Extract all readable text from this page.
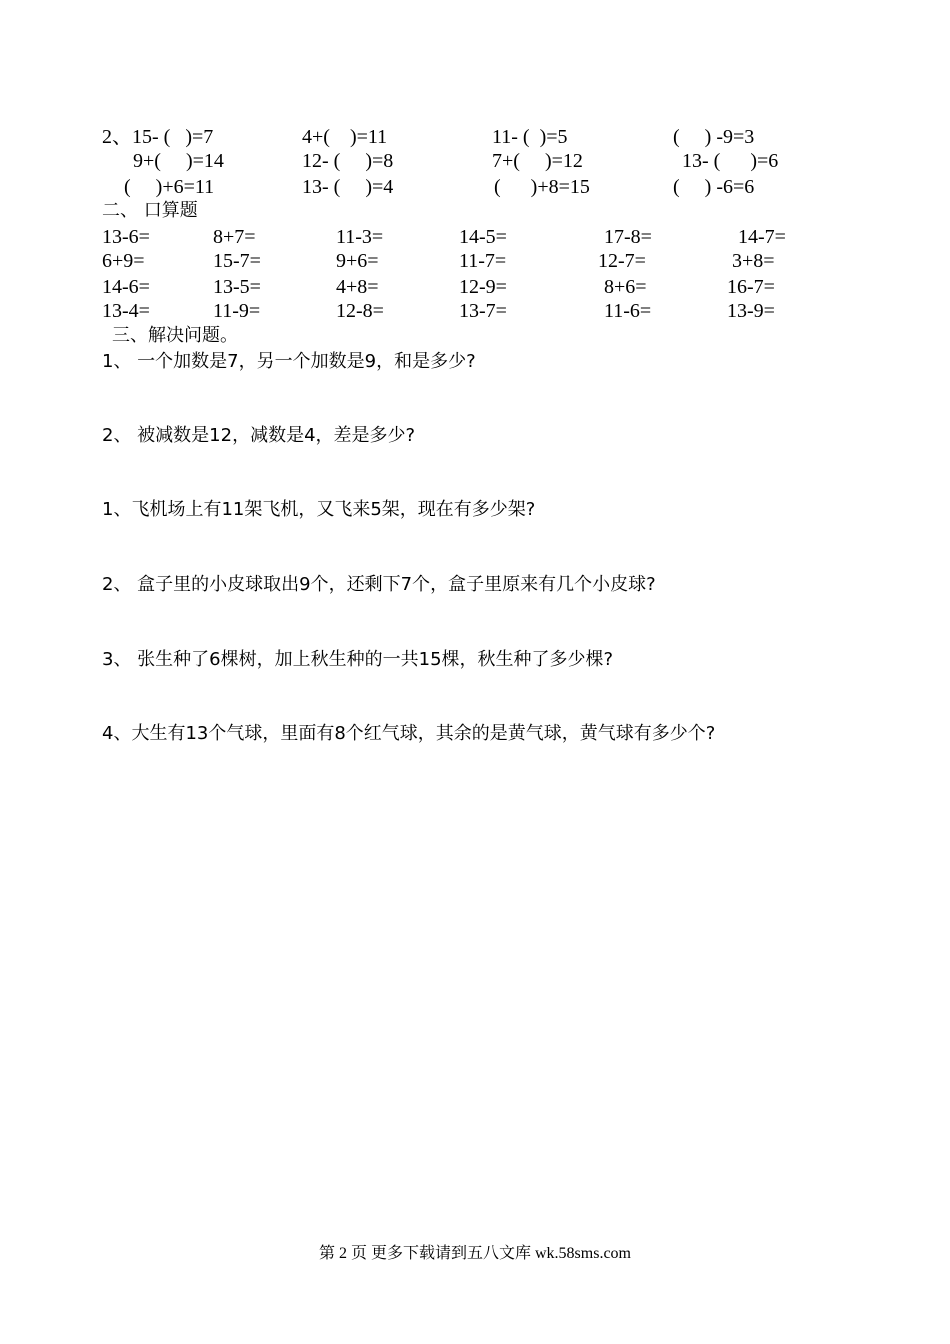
2、15- (   )=7	4+(    )=11	11- (  )=5	(     ) -9=3
9+(     )=14	12- (     )=8	7+(     )=12	13- (      )=6
(     )+6=11	13- (     )=4	(      )+8=15	(     ) -6=6
二、 口算题
13-6=	8+7=	11-3=	14-5=	17-8=	14-7=
6+9=	15-7=	9+6=	11-7=	12-7=	3+8=
14-6=	13-5=	4+8=	12-9=	8+6=	16-7=
13-4=	11-9=	12-8=	13-7=	11-6=	13-9=
三、解决问题。
1、 一个加数是7，另一个加数是9，和是多少?
2、 被减数是12，减数是4，差是多少?
1、飞机场上有11架飞机，又飞来5架，现在有多少架?
2、 盒子里的小皮球取出9个，还剩下7个，盒子里原来有几个小皮球?
3、 张生种了6棵树，加上秋生种的一共15棵，秋生种了多少棵?
4、大生有13个气球，里面有8个红气球，其余的是黄气球，黄气球有多少个?
第 2 页 更多下载请到五八文库 wk.58sms.com
